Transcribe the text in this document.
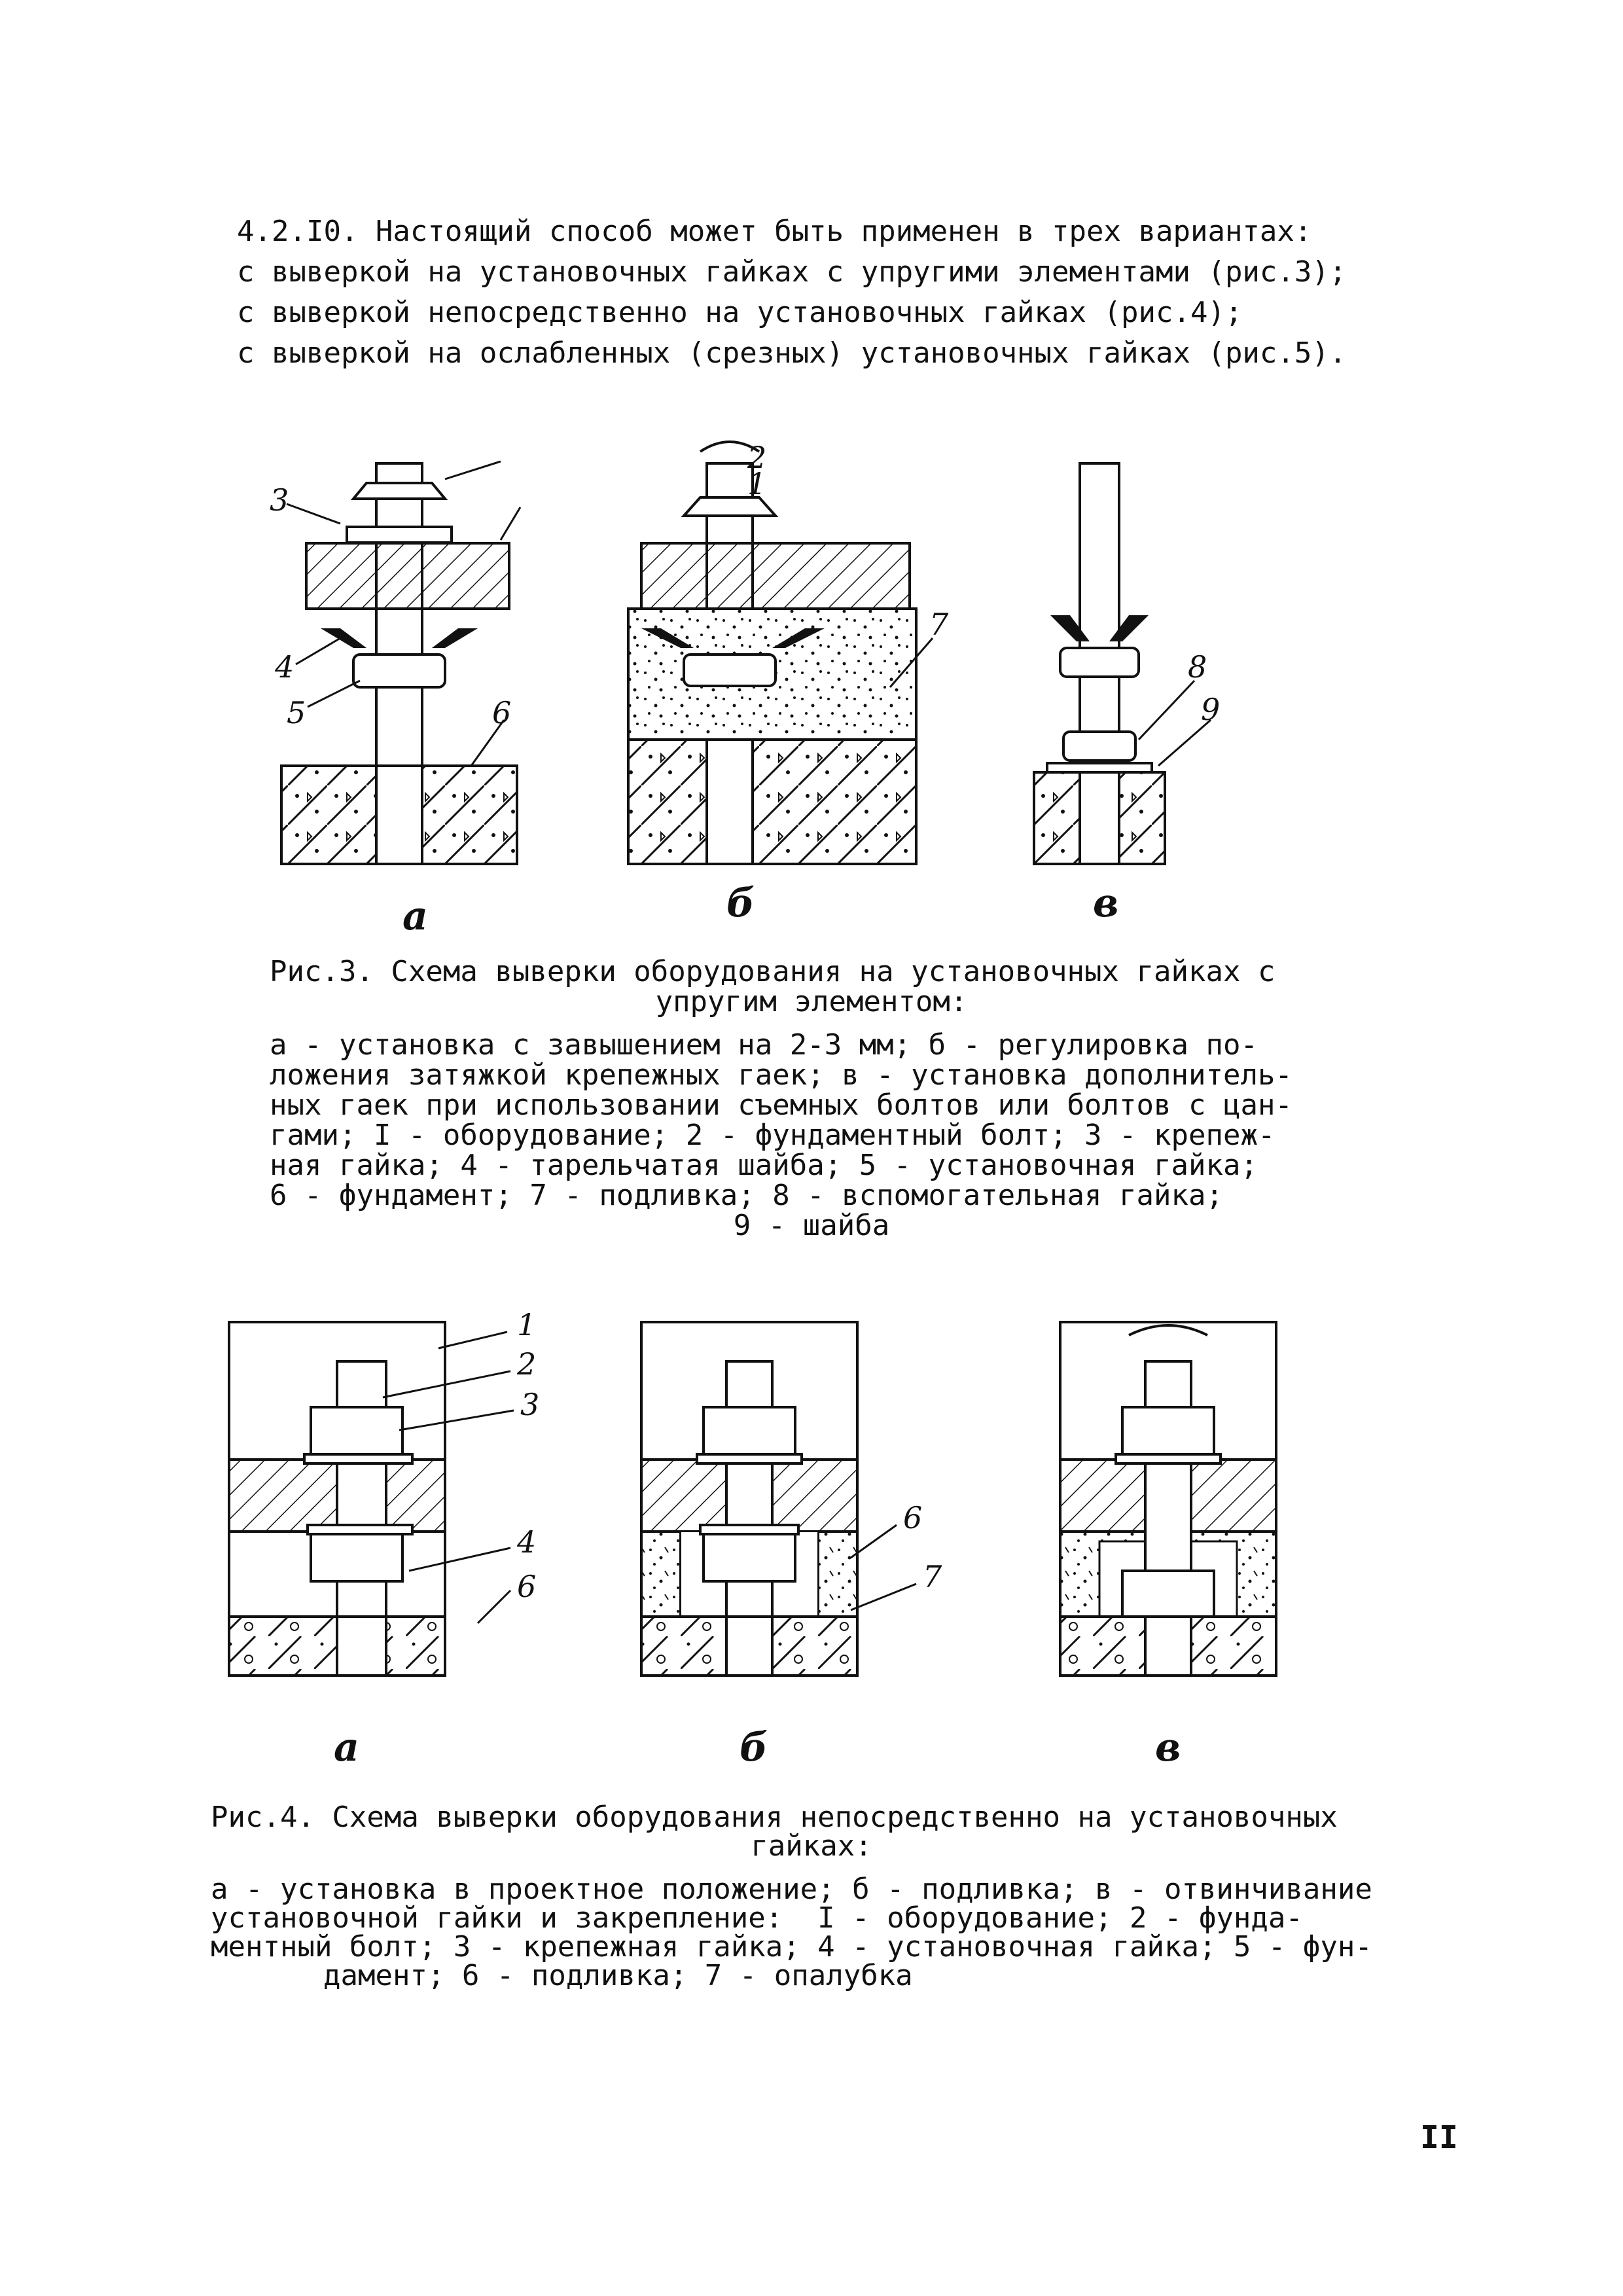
4.2.I0. Настоящий способ может быть применен в трех вариантах:
с выверкой на установочных гайках с упругими элементами (рис.3);
с выверкой непосредственно на установочных гайках (рис.4);
с выверкой на ослабленных (срезных) установочных гайках (рис.5).
1
2
3
4
5	6
7
8
9
а	б	в
Рис.3. Схема выверки оборудования на установочных гайках с
упругим элементом:
а - установка с завышением на 2-3 мм; б - регулировка по-
ложения затяжкой крепежных гаек; в - установка дополнитель-
ных гаек при использовании съемных болтов или болтов с цан-
гами; I - оборудование; 2 - фундаментный болт; 3 - крепеж-
ная гайка; 4 - тарельчатая шайба; 5 - установочная гайка;
6 - фундамент; 7 - подливка; 8 - вспомогательная гайка;
9 - шайба
1
2
3
4
6
6
7
а	б	в
Рис.4. Схема выверки оборудования непосредственно на установочных
гайках:
а - установка в проектное положение; б - подливка; в - отвинчивание
установочной гайки и закрепление:  I - оборудование; 2 - фунда-
ментный болт; 3 - крепежная гайка; 4 - установочная гайка; 5 - фун-
дамент; 6 - подливка; 7 - опалубка
II
